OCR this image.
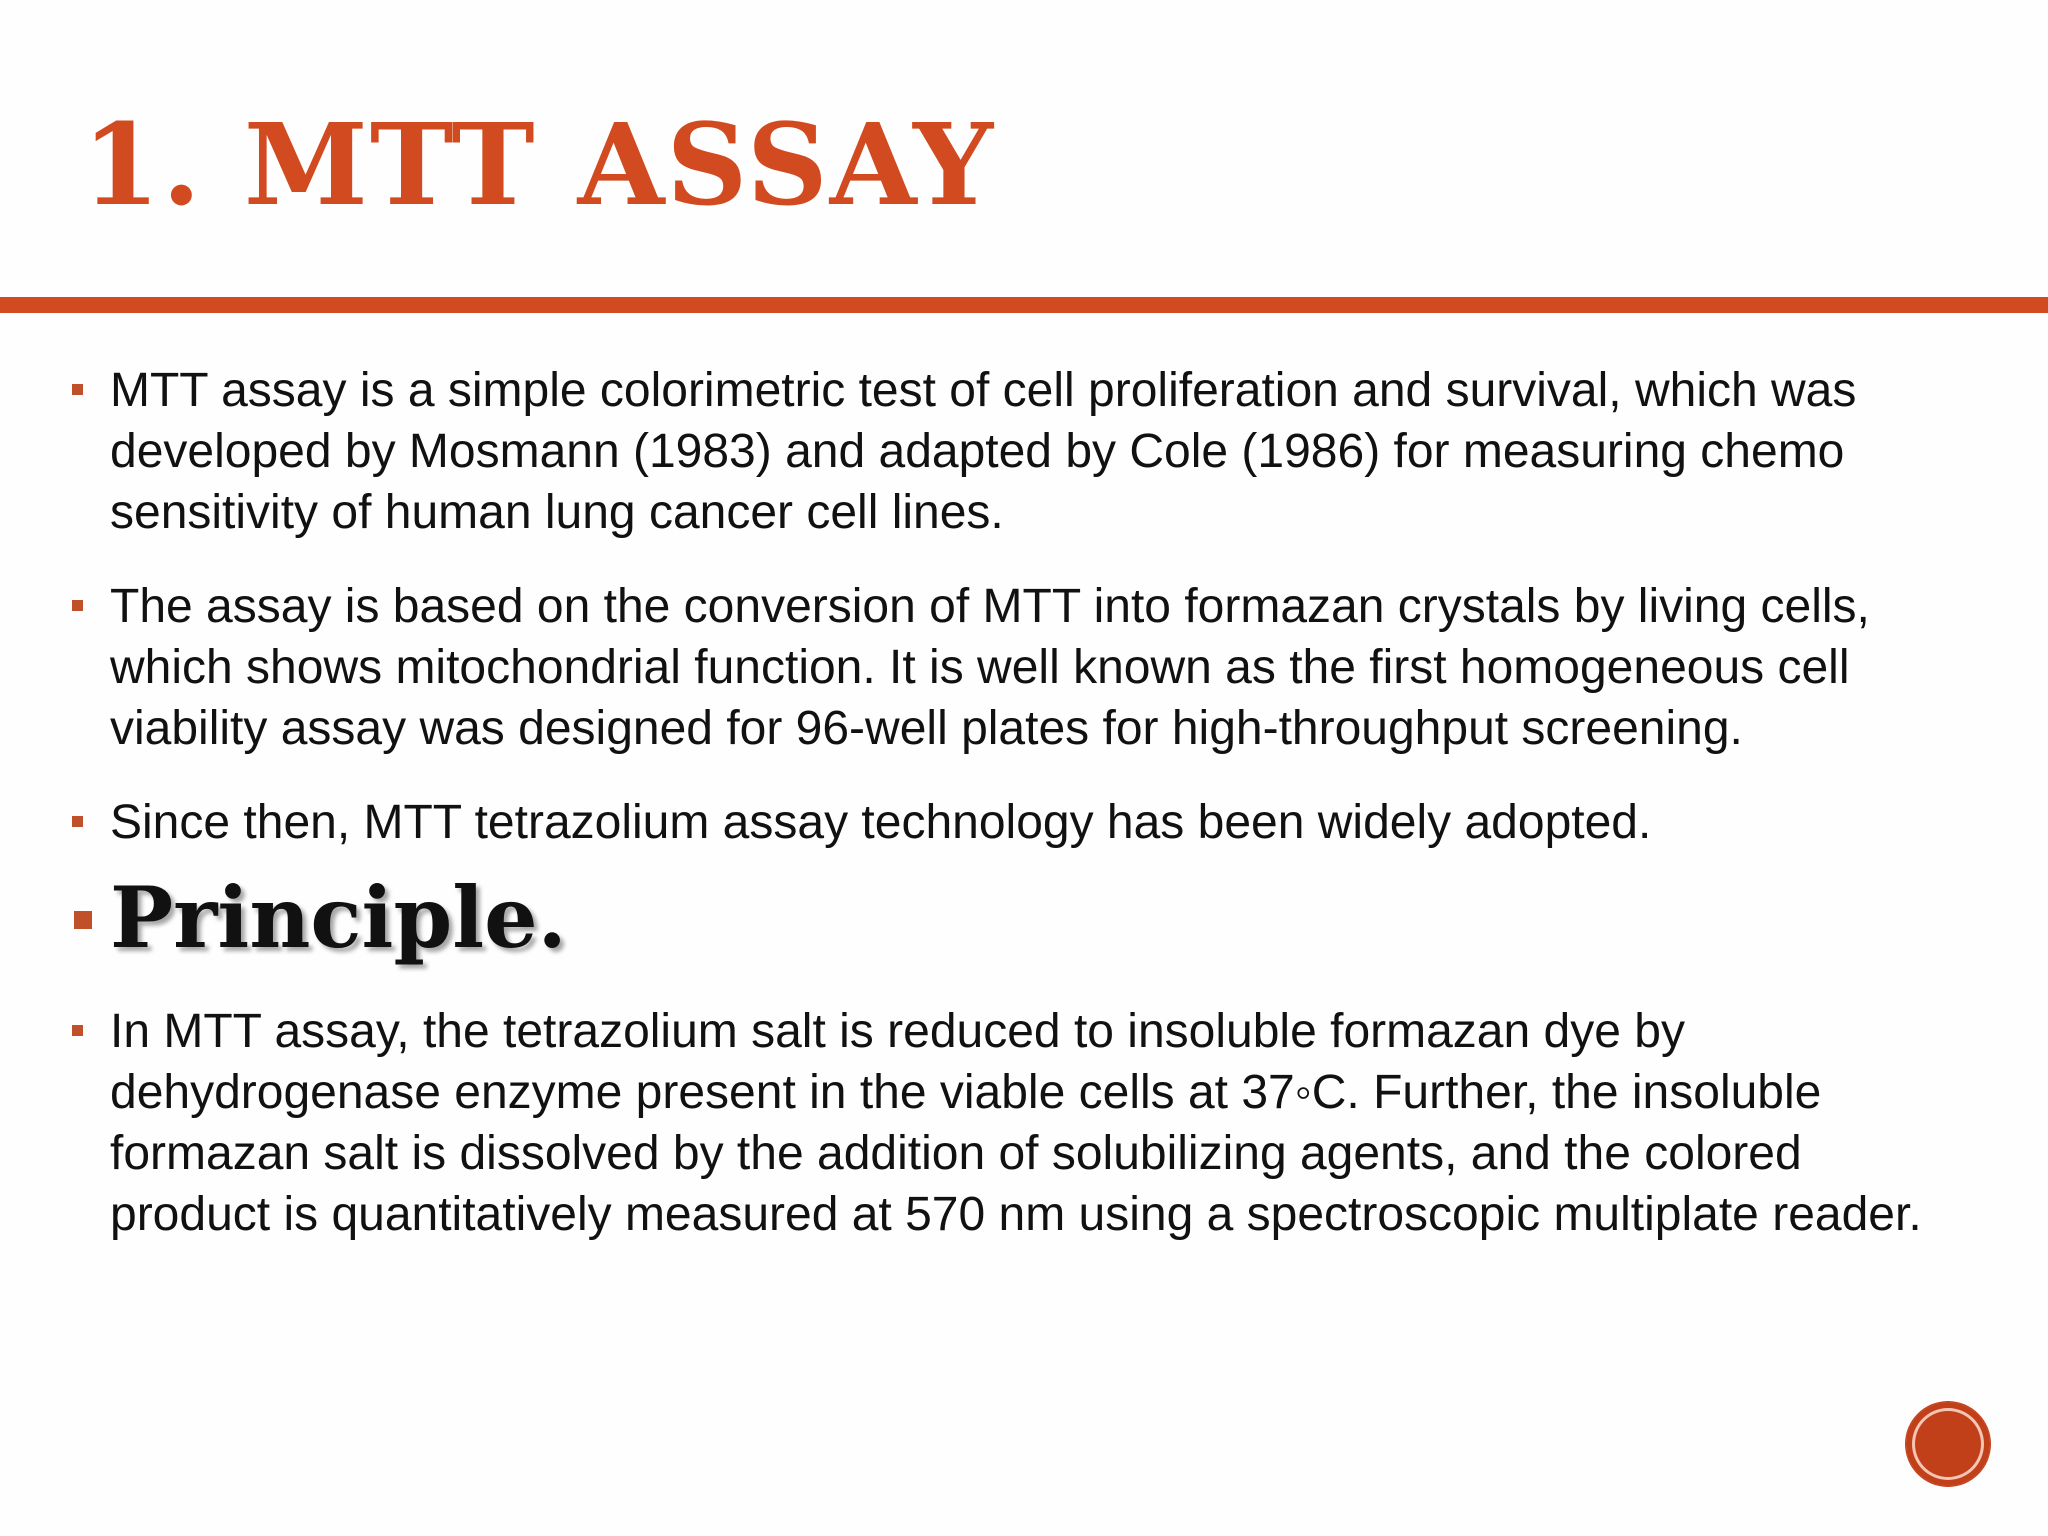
1. MTT ASSAY
MTT assay is a simple colorimetric test of cell proliferation and survival, which was developed by Mosmann (1983) and adapted by Cole (1986) for measuring chemo sensitivity of human lung cancer cell lines.
The assay is based on the conversion of MTT into formazan crystals by living cells, which shows mitochondrial function. It is well known as the first homogeneous cell viability assay was designed for 96-well plates for high-throughput screening.
Since then, MTT tetrazolium assay technology has been widely adopted.
Principle.
In MTT assay, the tetrazolium salt is reduced to insoluble formazan dye by dehydrogenase enzyme present in the viable cells at 37◦C. Further, the insoluble formazan salt is dissolved by the addition of solubilizing agents, and the colored product is quantitatively measured at 570 nm using a spectroscopic multiplate reader.
